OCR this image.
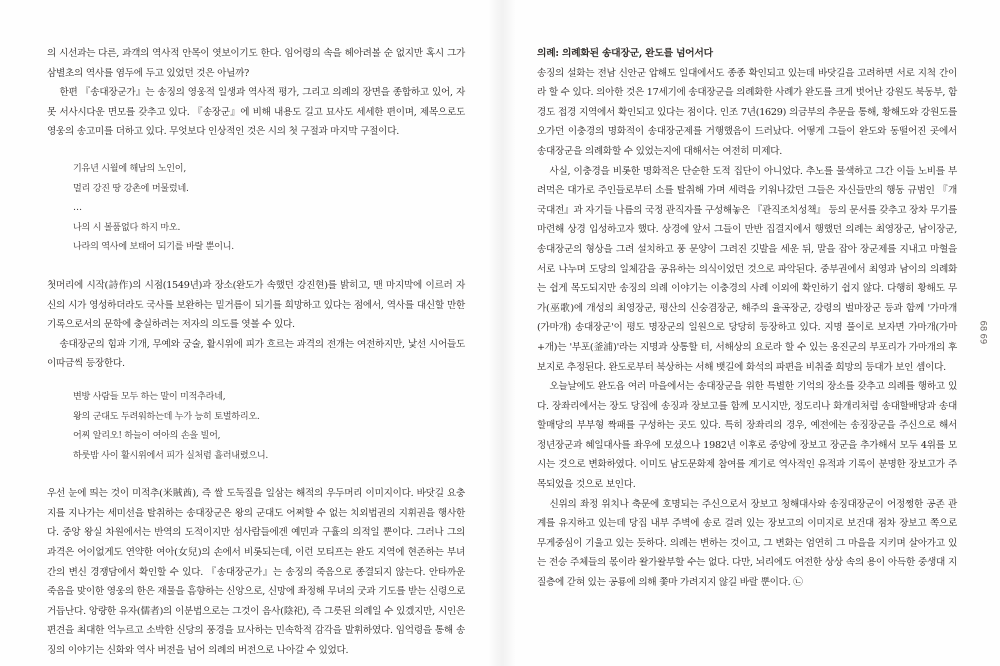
의 시선과는 다른, 과객의 역사적 안목이 엿보이기도 한다. 임어령의 속을 헤아려볼 순 없지만 혹시 그가 삼별초의 역사를 염두에 두고 있었던 것은 아닐까?

한편 『송대장군가』는 송징의 영웅적 일생과 역사적 평가, 그리고 의례의 장면을 종합하고 있어, 자못 서사시다운 면모를 갖추고 있다. 『송장군』에 비해 내용도 길고 묘사도 세세한 편이며, 제목으로도 영웅의 송고미를 더하고 있다. 무엇보다 인상적인 것은 시의 첫 구절과 마지막 구절이다.

기유년 시월에 해남의 노인이,
멀리 강진 땅 강촌에 머물렀네.
…
나의 시 볼품없다 하지 마오.
나라의 역사에 보태어 되기를 바랄 뿐이니.

첫머리에 시작(詩作)의 시점(1549년)과 장소(완도가 속했던 강진현)를 밝히고, 맨 마지막에 이르러 자신의 시가 영성하더라도 국사를 보완하는 밑거름이 되기를 희망하고 있다는 점에서, 역사를 대신할 만한 기록으로서의 문학에 충실하려는 저자의 의도를 엿볼 수 있다.

송대장군의 힘과 기개, 무예와 궁술, 활시위에 피가 흐르는 과격의 전개는 여전하지만, 낯선 시어들도 이따금씩 등장한다.

변방 사람들 모두 하는 말이 미적추라네,
왕의 군대도 두려워하는데 누가 능히 토벌하리오.
어찌 알리오! 하늘이 여아의 손을 빌어,
하룻밤 사이 활시위에서 피가 실처럼 흘러내렸으니.

우선 눈에 띄는 것이 미적추(米賊酋), 즉 쌀 도둑질을 일삼는 해적의 우두머리 이미지이다. 바닷길 요충지를 지나가는 세미선을 탈취하는 송대장군은 왕의 군대도 어쩌할 수 없는 치외법권의 지휘권을 행사한다. 중앙 왕실 차원에서는 반역의 도적이지만 섬사람들에겐 예민과 구휼의 의적일 뿐이다. 그러나 그의 과격은 어이없게도 연약한 여아(女兒)의 손에서 비롯되는데, 이런 모티프는 완도 지역에 현존하는 부녀간의 변신 경쟁담에서 확인할 수 있다. 『송대장군가』는 송징의 죽음으로 종결되지 않는다. 안타까운 죽음을 맞이한 영웅의 한은 재물을 흠향하는 신앙으로, 신망에 좌정해 무녀의 굿과 기도를 받는 신령으로 거듭난다. 앙량한 유자(儒者)의 이분법으로는 그것이 음사(陰祀), 즉 그릇된 의례일 수 있겠지만, 시인은 편견을 최대한 억누르고 소박한 신당의 풍경을 묘사하는 민속학적 감각을 발휘하였다. 임억령을 통해 송징의 이야기는 신화와 역사 버전을 넘어 의례의 버전으로 나아갈 수 있었다.

의례: 의례화된 송대장군, 완도를 넘어서다

송징의 설화는 전남 신안군 압해도 일대에서도 종종 확인되고 있는데 바닷길을 고려하면 서로 지척 간이라 할 수 있다. 의아한 것은 17세기에 송대장군을 의례화한 사례가 완도를 크게 벗어난 강원도 북동부, 함경도 접경 지역에서 확인되고 있다는 점이다. 인조 7년(1629) 의금부의 추문을 통해, 황해도와 강원도를 오가던 이충경의 명화적이 송대장군제를 거행했음이 드러났다. 어떻게 그들이 완도와 동떨어진 곳에서 송대장군을 의례화할 수 있었는지에 대해서는 여전히 미제다.

사실, 이충경을 비롯한 명화적은 단순한 도적 집단이 아니었다. 추노를 물색하고 그간 이들 노비를 부려먹은 대가로 주인들로부터 소를 탈취해 가며 세력을 키워나갔던 그들은 자신들만의 행동 규범인 『개국대전』과 자기들 나름의 국정 관직자를 구성해놓은 『관직조치성책』 등의 문서를 갖추고 장차 무기를 마련해 상경 입성하고자 했다. 상경에 앞서 그들이 만반 집결지에서 행했던 의례는 최영장군, 남이장군, 송대장군의 형상을 그려 설치하고 풍 문양이 그려진 깃발을 세운 뒤, 말을 잡아 장군제를 지내고 마혈을 서로 나누며 도당의 일체감을 공유하는 의식이었던 것으로 파악된다. 중부권에서 최영과 남이의 의례화는 쉽게 목도되지만 송징의 의례 이야기는 이충경의 사례 이외에 확인하기 쉽지 않다. 다행히 황해도 무가(巫歌)에 개성의 최영장군, 평산의 신숭겸장군, 해주의 율곡장군, 강령의 벌마장군 등과 함께 '가마개(가마개) 송대장군'이 평도 명장군의 일원으로 당당히 등장하고 있다. 지명 풀이로 보자면 가마개(가마+개)는 '부포(釜浦)'라는 지명과 상통할 터, 서해상의 요로라 할 수 있는 옹진군의 부포리가 가마개의 후보지로 추정된다. 완도로부터 북상하는 서해 뱃길에 화석의 파편을 비취줄 희망의 등대가 보인 셈이다.

오늘날에도 완도읍 여러 마을에서는 송대장군을 위한 특별한 기억의 장소를 갖추고 의례를 행하고 있다. 장좌리에서는 장도 당집에 송징과 장보고를 함께 모시지만, 정도리나 화개리처럼 송대할배당과 송대할매당의 부부형 짝패를 구성하는 곳도 있다. 특히 장좌리의 경우, 예전에는 송징장군을 주신으로 해서 정년장군과 혜일대사를 좌우에 모셨으나 1982년 이후로 중앙에 장보고 장군을 추가해서 모두 4위를 모시는 것으로 변화하였다. 이미도 남도문화제 참여를 계기로 역사적인 유적과 기록이 분명한 장보고가 주목되었을 것으로 보인다.

신위의 좌정 위치나 축문에 호명되는 주신으로서 장보고 청해대사와 송징대장군이 어정쩡한 공존 관계를 유지하고 있는데 당집 내부 주벽에 송로 걸려 있는 장보고의 이미지로 보건대 점차 장보고 쪽으로 무게중심이 기울고 있는 듯하다. 의례는 변하는 것이고, 그 변화는 엄연히 그 마을을 지키며 살아가고 있는 전승 주체들의 몫이라 왈가왈부할 수는 없다. 다만, 뇌리에도 여전한 상상 속의 용이 아득한 중생대 지질층에 갇혀 있는 공룡에 의해 쫓마 가려지지 않길 바랄 뿐이다. ㉡

68
69
